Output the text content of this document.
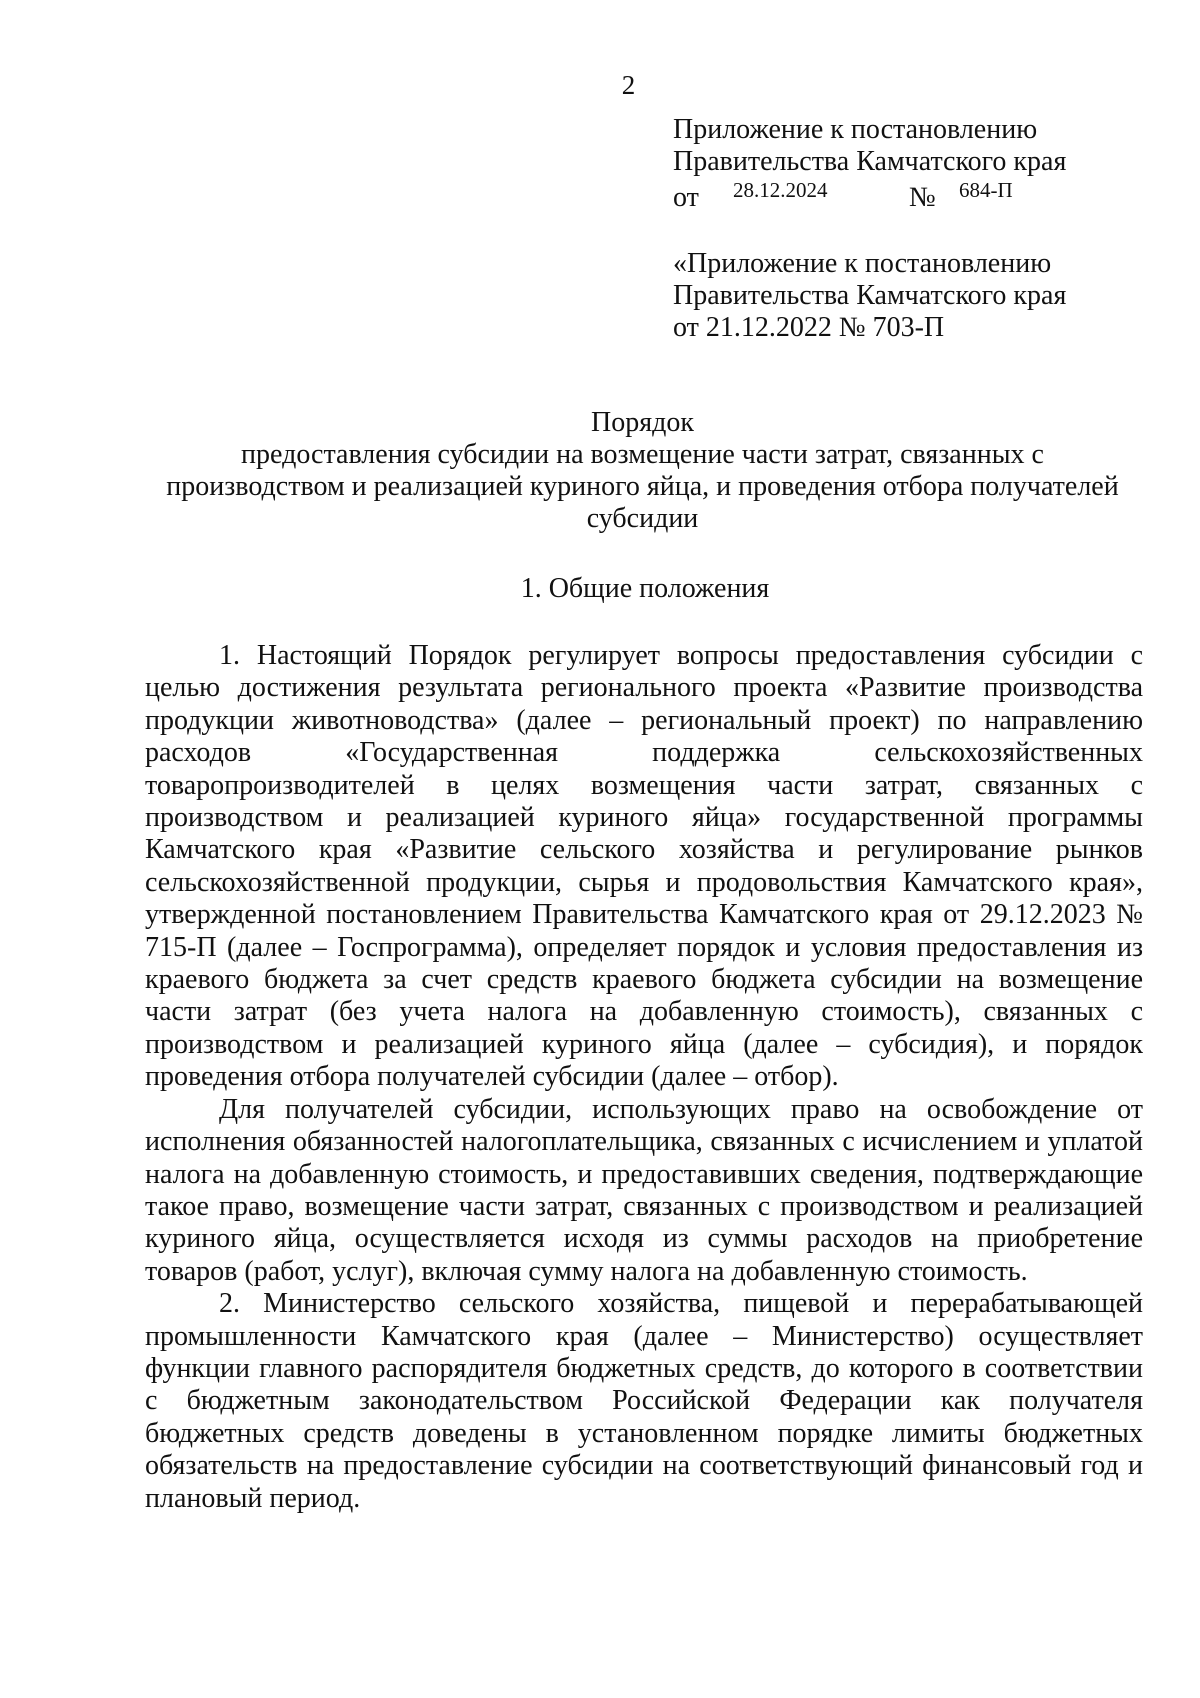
2
Приложение к постановлению
Правительства Камчатского края
от 28.12.2024	№ 684-П
«Приложение к постановлению
Правительства Камчатского края
от 21.12.2022 № 703-П
Порядок
предоставления субсидии на возмещение части затрат, связанных с
производством и реализацией куриного яйца, и проведения отбора получателей
субсидии
1. Общие положения

1. Настоящий Порядок регулирует вопросы предоставления субсидии с целью достижения результата регионального проекта «Развитие производства продукции животноводства» (далее – региональный проект) по направлению расходов «Государственная поддержка сельскохозяйственных товаропроизводителей в целях возмещения части затрат, связанных с производством и реализацией куриного яйца» государственной программы Камчатского края «Развитие сельского хозяйства и регулирование рынков сельскохозяйственной продукции, сырья и продовольствия Камчатского края», утвержденной постановлением Правительства Камчатского края от 29.12.2023 № 715-П (далее – Госпрограмма), определяет порядок и условия предоставления из краевого бюджета за счет средств краевого бюджета субсидии на возмещение части затрат (без учета налога на добавленную стоимость), связанных с производством и реализацией куриного яйца (далее – субсидия), и порядок проведения отбора получателей субсидии (далее – отбор).

Для получателей субсидии, использующих право на освобождение от исполнения обязанностей налогоплательщика, связанных с исчислением и уплатой налога на добавленную стоимость, и предоставивших сведения, подтверждающие такое право, возмещение части затрат, связанных с производством и реализацией куриного яйца, осуществляется исходя из суммы расходов на приобретение товаров (работ, услуг), включая сумму налога на добавленную стоимость.

2. Министерство сельского хозяйства, пищевой и перерабатывающей промышленности Камчатского края (далее – Министерство) осуществляет функции главного распорядителя бюджетных средств, до которого в соответствии с бюджетным законодательством Российской Федерации как получателя бюджетных средств доведены в установленном порядке лимиты бюджетных обязательств на предоставление субсидии на соответствующий финансовый год и плановый период.
